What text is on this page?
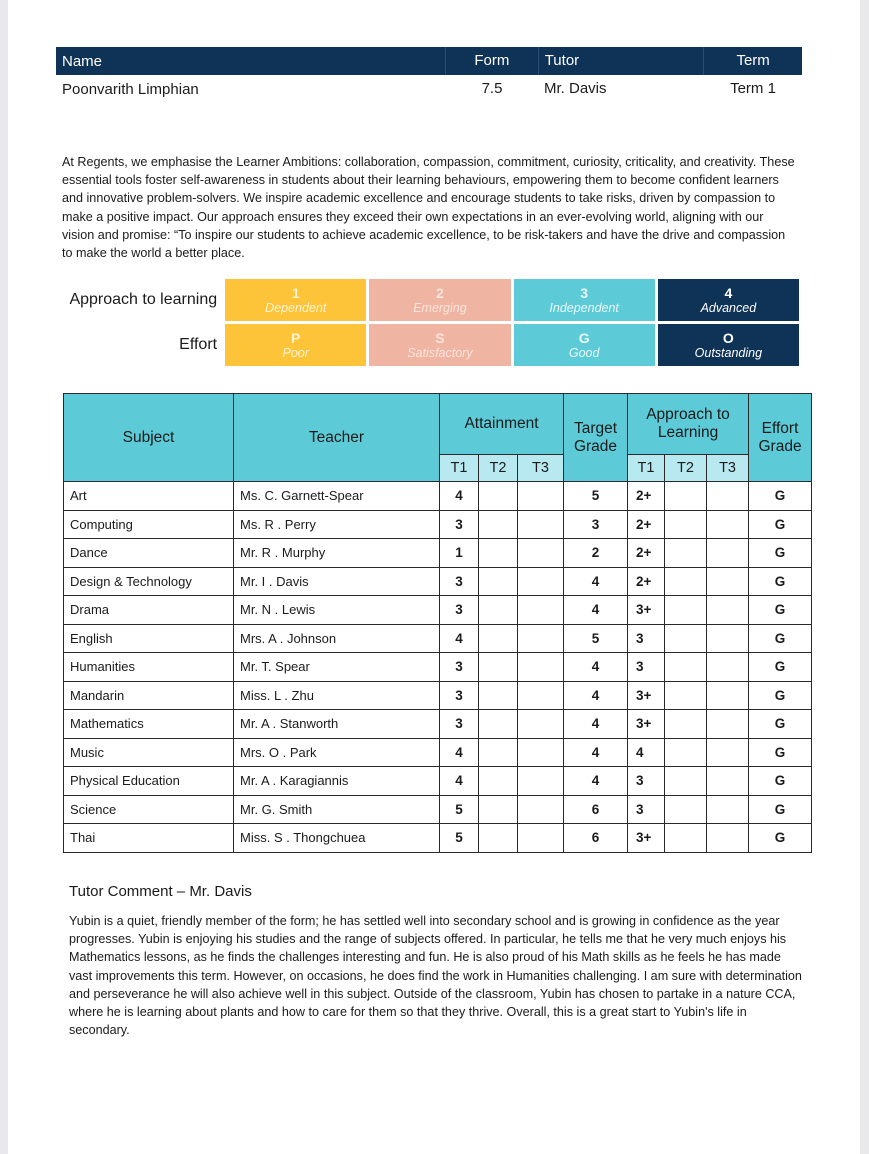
Name	Form	Tutor	Term
Poonvarith Limphian	7.5	Mr. Davis	Term 1
At Regents, we emphasise the Learner Ambitions: collaboration, compassion, commitment, curiosity, criticality, and creativity. These essential tools foster self-awareness in students about their learning behaviours, empowering them to become confident learners and innovative problem-solvers. We inspire academic excellence and encourage students to take risks, driven by compassion to make a positive impact. Our approach ensures they exceed their own expectations in an ever-evolving world, aligning with our vision and promise: “To inspire our students to achieve academic excellence, to be risk-takers and have the drive and compassion to make the world a better place.
Approach to learning	1
Dependent
2
Emerging
3
Independent
4
Advanced
Effort	P
Poor
S
Satisfactory
G
Good
O
Outstanding
Subject	Teacher	Attainment			Target Grade	Approach to Learning			Effort Grade
		T1	T2	T3		T1	T2	T3	
Art	Ms. C. Garnett-Spear	4			5	2+			G
Computing	Ms. R . Perry	3			3	2+			G
Dance	Mr. R . Murphy	1			2	2+			G
Design & Technology	Mr. I . Davis	3			4	2+			G
Drama	Mr. N . Lewis	3			4	3+			G
English	Mrs. A . Johnson	4			5	3			G
Humanities	Mr. T. Spear	3			4	3			G
Mandarin	Miss. L . Zhu	3			4	3+			G
Mathematics	Mr. A . Stanworth	3			4	3+			G
Music	Mrs. O . Park	4			4	4			G
Physical Education	Mr. A . Karagiannis	4			4	3			G
Science	Mr. G. Smith	5			6	3			G
Thai	Miss. S . Thongchuea	5			6	3+			G
Tutor Comment – Mr. Davis
Yubin is a quiet, friendly member of the form; he has settled well into secondary school and is growing in confidence as the year progresses. Yubin is enjoying his studies and the range of subjects offered. In particular, he tells me that he very much enjoys his Mathematics lessons, as he finds the challenges interesting and fun. He is also proud of his Math skills as he feels he has made vast improvements this term. However, on occasions, he does find the work in Humanities challenging. I am sure with determination and perseverance he will also achieve well in this subject. Outside of the classroom, Yubin has chosen to partake in a nature CCA, where he is learning about plants and how to care for them so that they thrive. Overall, this is a great start to Yubin's life in secondary.
